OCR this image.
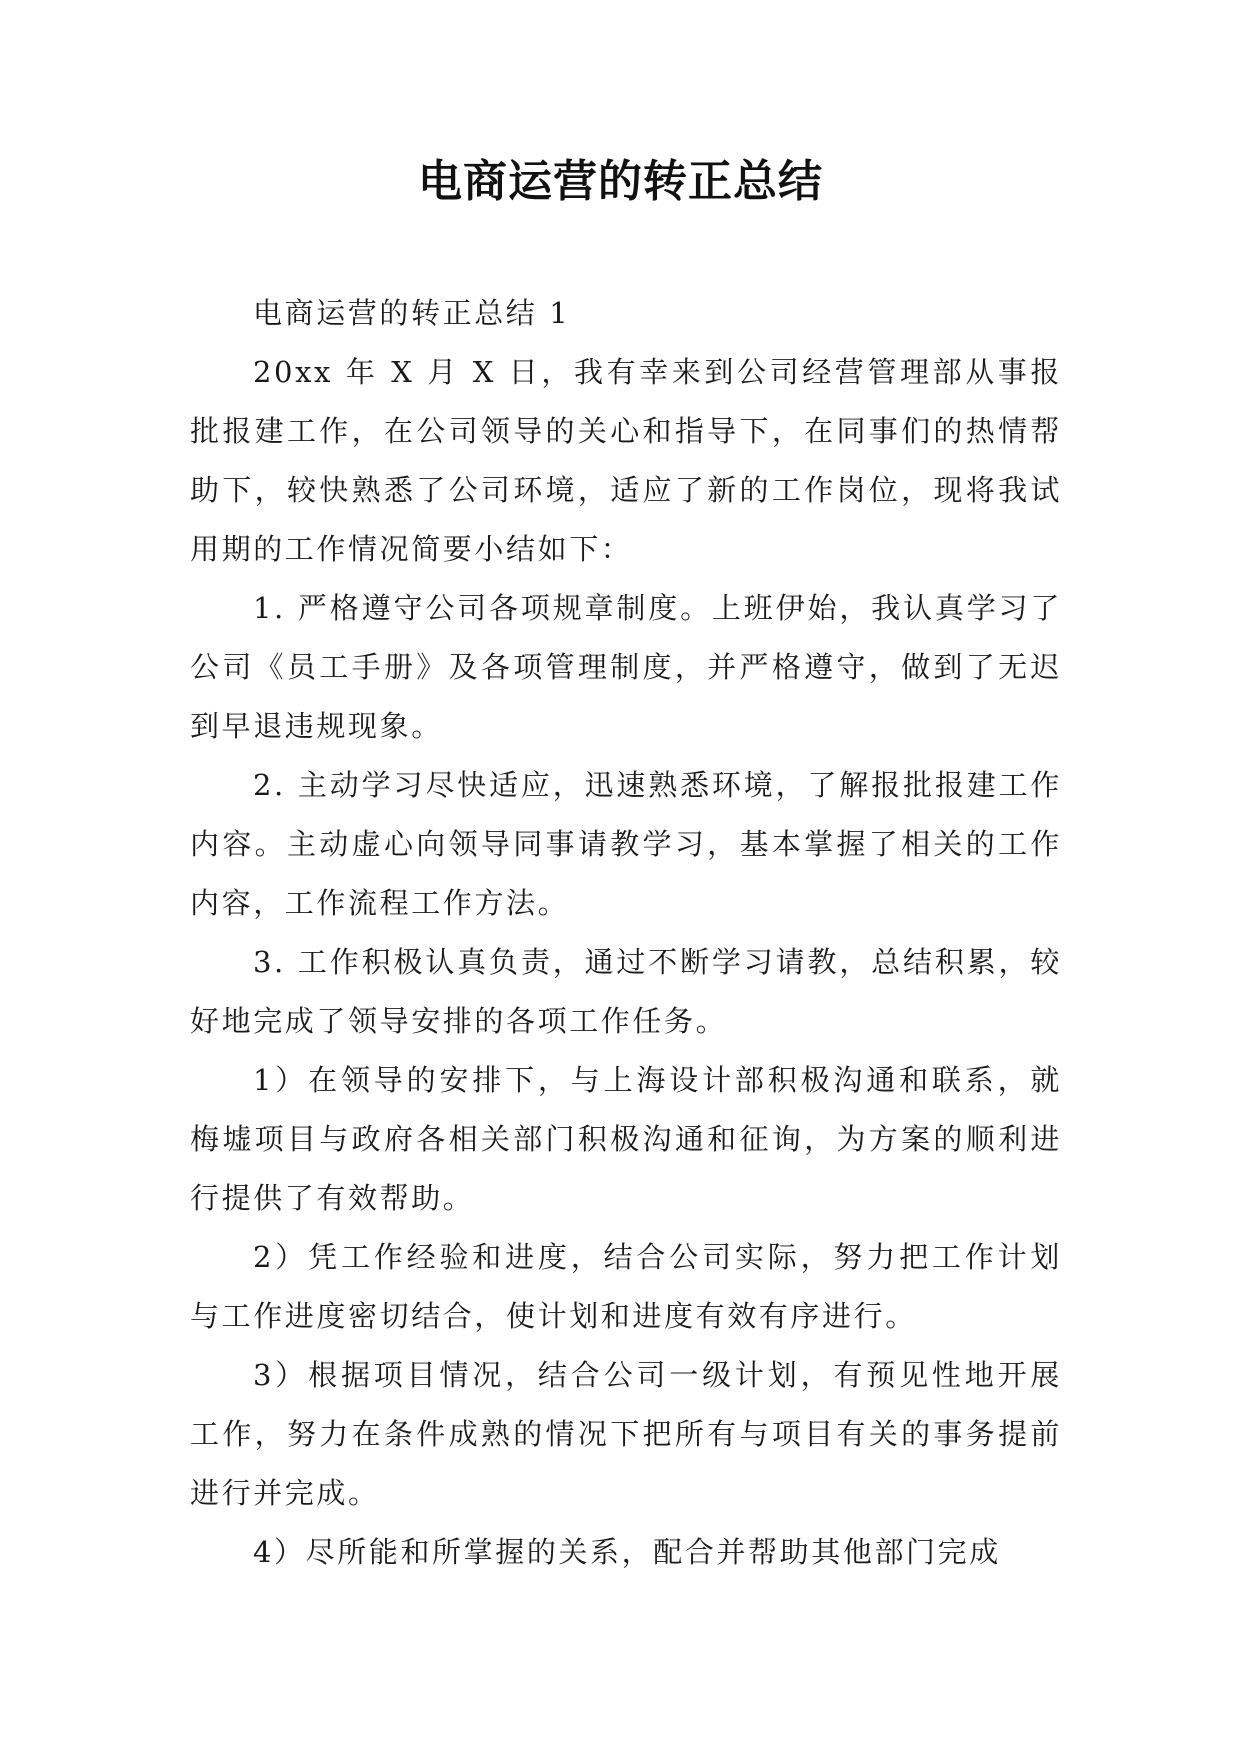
电商运营的转正总结

电商运营的转正总结 1

20xx 年 X 月 X 日，我有幸来到公司经营管理部从事报批报建工作，在公司领导的关心和指导下，在同事们的热情帮助下，较快熟悉了公司环境，适应了新的工作岗位，现将我试用期的工作情况简要小结如下：

1. 严格遵守公司各项规章制度。上班伊始，我认真学习了公司《员工手册》及各项管理制度，并严格遵守，做到了无迟到早退违规现象。

2. 主动学习尽快适应，迅速熟悉环境，了解报批报建工作内容。主动虚心向领导同事请教学习，基本掌握了相关的工作内容，工作流程工作方法。

3. 工作积极认真负责，通过不断学习请教，总结积累，较好地完成了领导安排的各项工作任务。

1）在领导的安排下，与上海设计部积极沟通和联系，就梅墟项目与政府各相关部门积极沟通和征询，为方案的顺利进行提供了有效帮助。

2）凭工作经验和进度，结合公司实际，努力把工作计划与工作进度密切结合，使计划和进度有效有序进行。

3）根据项目情况，结合公司一级计划，有预见性地开展工作，努力在条件成熟的情况下把所有与项目有关的事务提前进行并完成。

4）尽所能和所掌握的关系，配合并帮助其他部门完成
